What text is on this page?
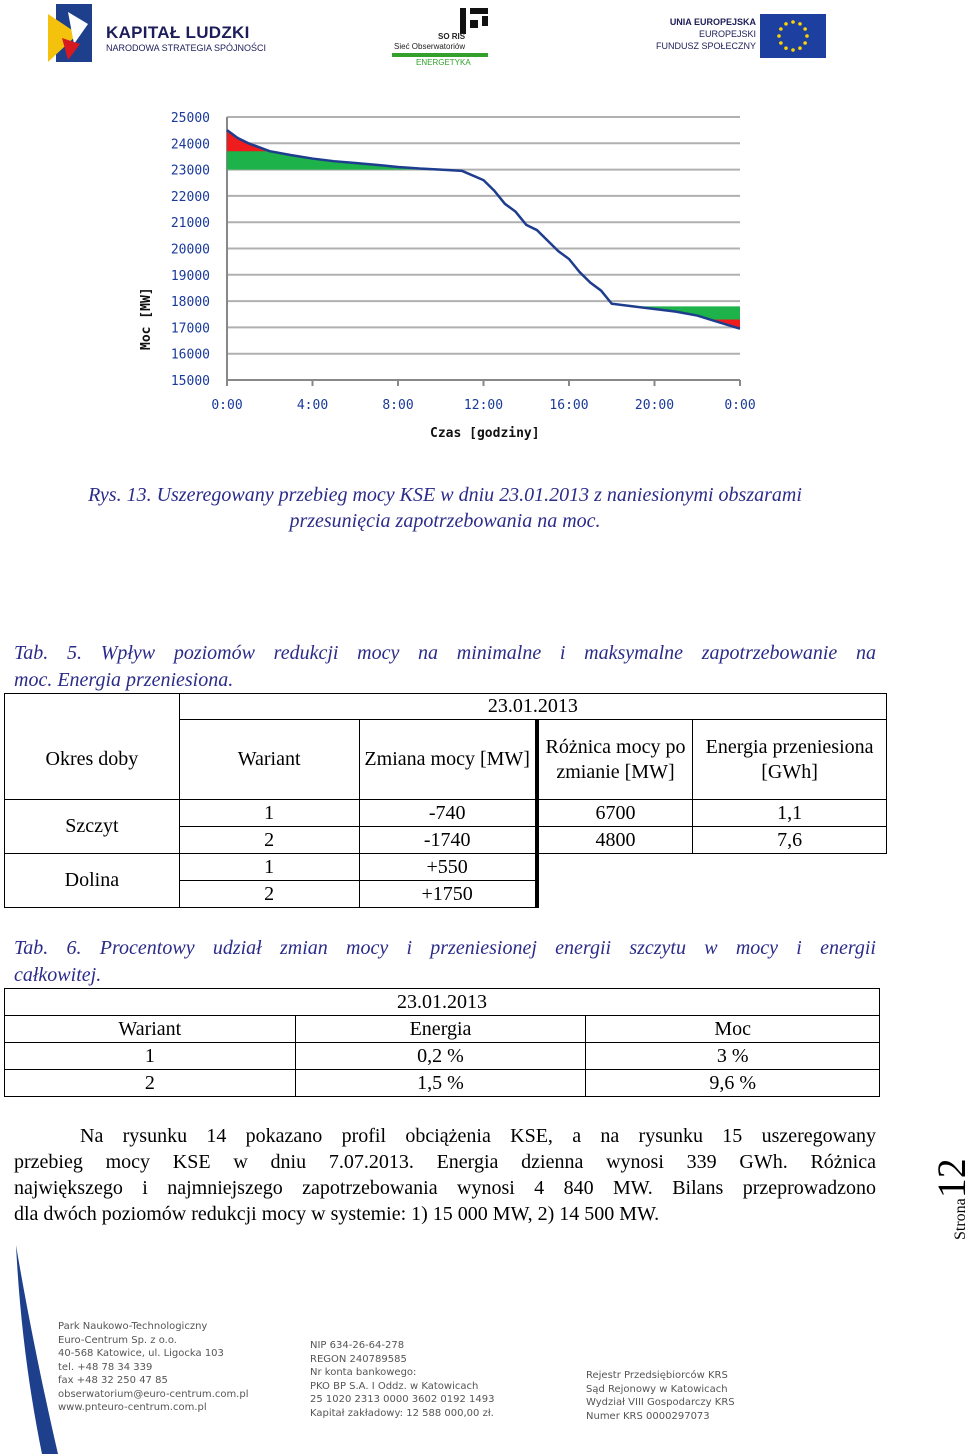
KAPITAŁ LUDZKI
NARODOWA STRATEGIA SPÓJNOŚCI
SO RIS
Sieć Obserwatoriów
ENERGETYKA
UNIA EUROPEJSKA
EUROPEJSKI
FUNDUSZ SPOŁECZNY
25000
24000
23000
22000
21000
20000
19000
18000
17000
16000
15000
0:00	4:00	8:00	12:00	16:00	20:00	0:00
Moc [MW]
Czas [godziny]
Rys. 13. Uszeregowany przebieg mocy KSE w dniu 23.01.2013 z naniesionymi obszarami
przesunięcia zapotrzebowania na moc.
Tab. 5. Wpływ poziomów redukcji mocy na minimalne i maksymalne zapotrzebowanie na
moc. Energia przeniesiona.
	23.01.2013			
Okres doby	Wariant	Zmiana mocy [MW]	Różnica mocy po zmianie [MW]	Energia przeniesiona [GWh]
Szczyt	1	-740	6700	1,1
	2	-1740	4800	7,6
Dolina	1	+550		
	2	+1750		
Tab. 6. Procentowy udział zmian mocy i przeniesionej energii szczytu w mocy i energii
całkowitej.
23.01.2013		
Wariant	Energia	Moc
1	0,2 %	3 %
2	1,5 %	9,6 %
Na rysunku 14 pokazano profil obciążenia KSE, a na rysunku 15 uszeregowany
przebieg mocy KSE w dniu 7.07.2013. Energia dzienna wynosi 339 GWh. Różnica
największego i najmniejszego zapotrzebowania wynosi 4 840 MW. Bilans przeprowadzono
dla dwóch poziomów redukcji mocy w systemie: 1) 15 000 MW, 2) 14 500 MW.	Strona12
Park Naukowo-Technologiczny
Euro-Centrum Sp. z o.o.
40-568 Katowice, ul. Ligocka 103
tel. +48 78 34 339
fax +48 32 250 47 85
obserwatorium@euro-centrum.com.pl
www.pnteuro-centrum.com.pl
NIP 634-26-64-278
REGON 240789585
Nr konta bankowego:
PKO BP S.A. I Oddz. w Katowicach
25 1020 2313 0000 3602 0192 1493
Kapitał zakładowy: 12 588 000,00 zł.
Rejestr Przedsiębiorców KRS
Sąd Rejonowy w Katowicach
Wydział VIII Gospodarczy KRS
Numer KRS 0000297073
